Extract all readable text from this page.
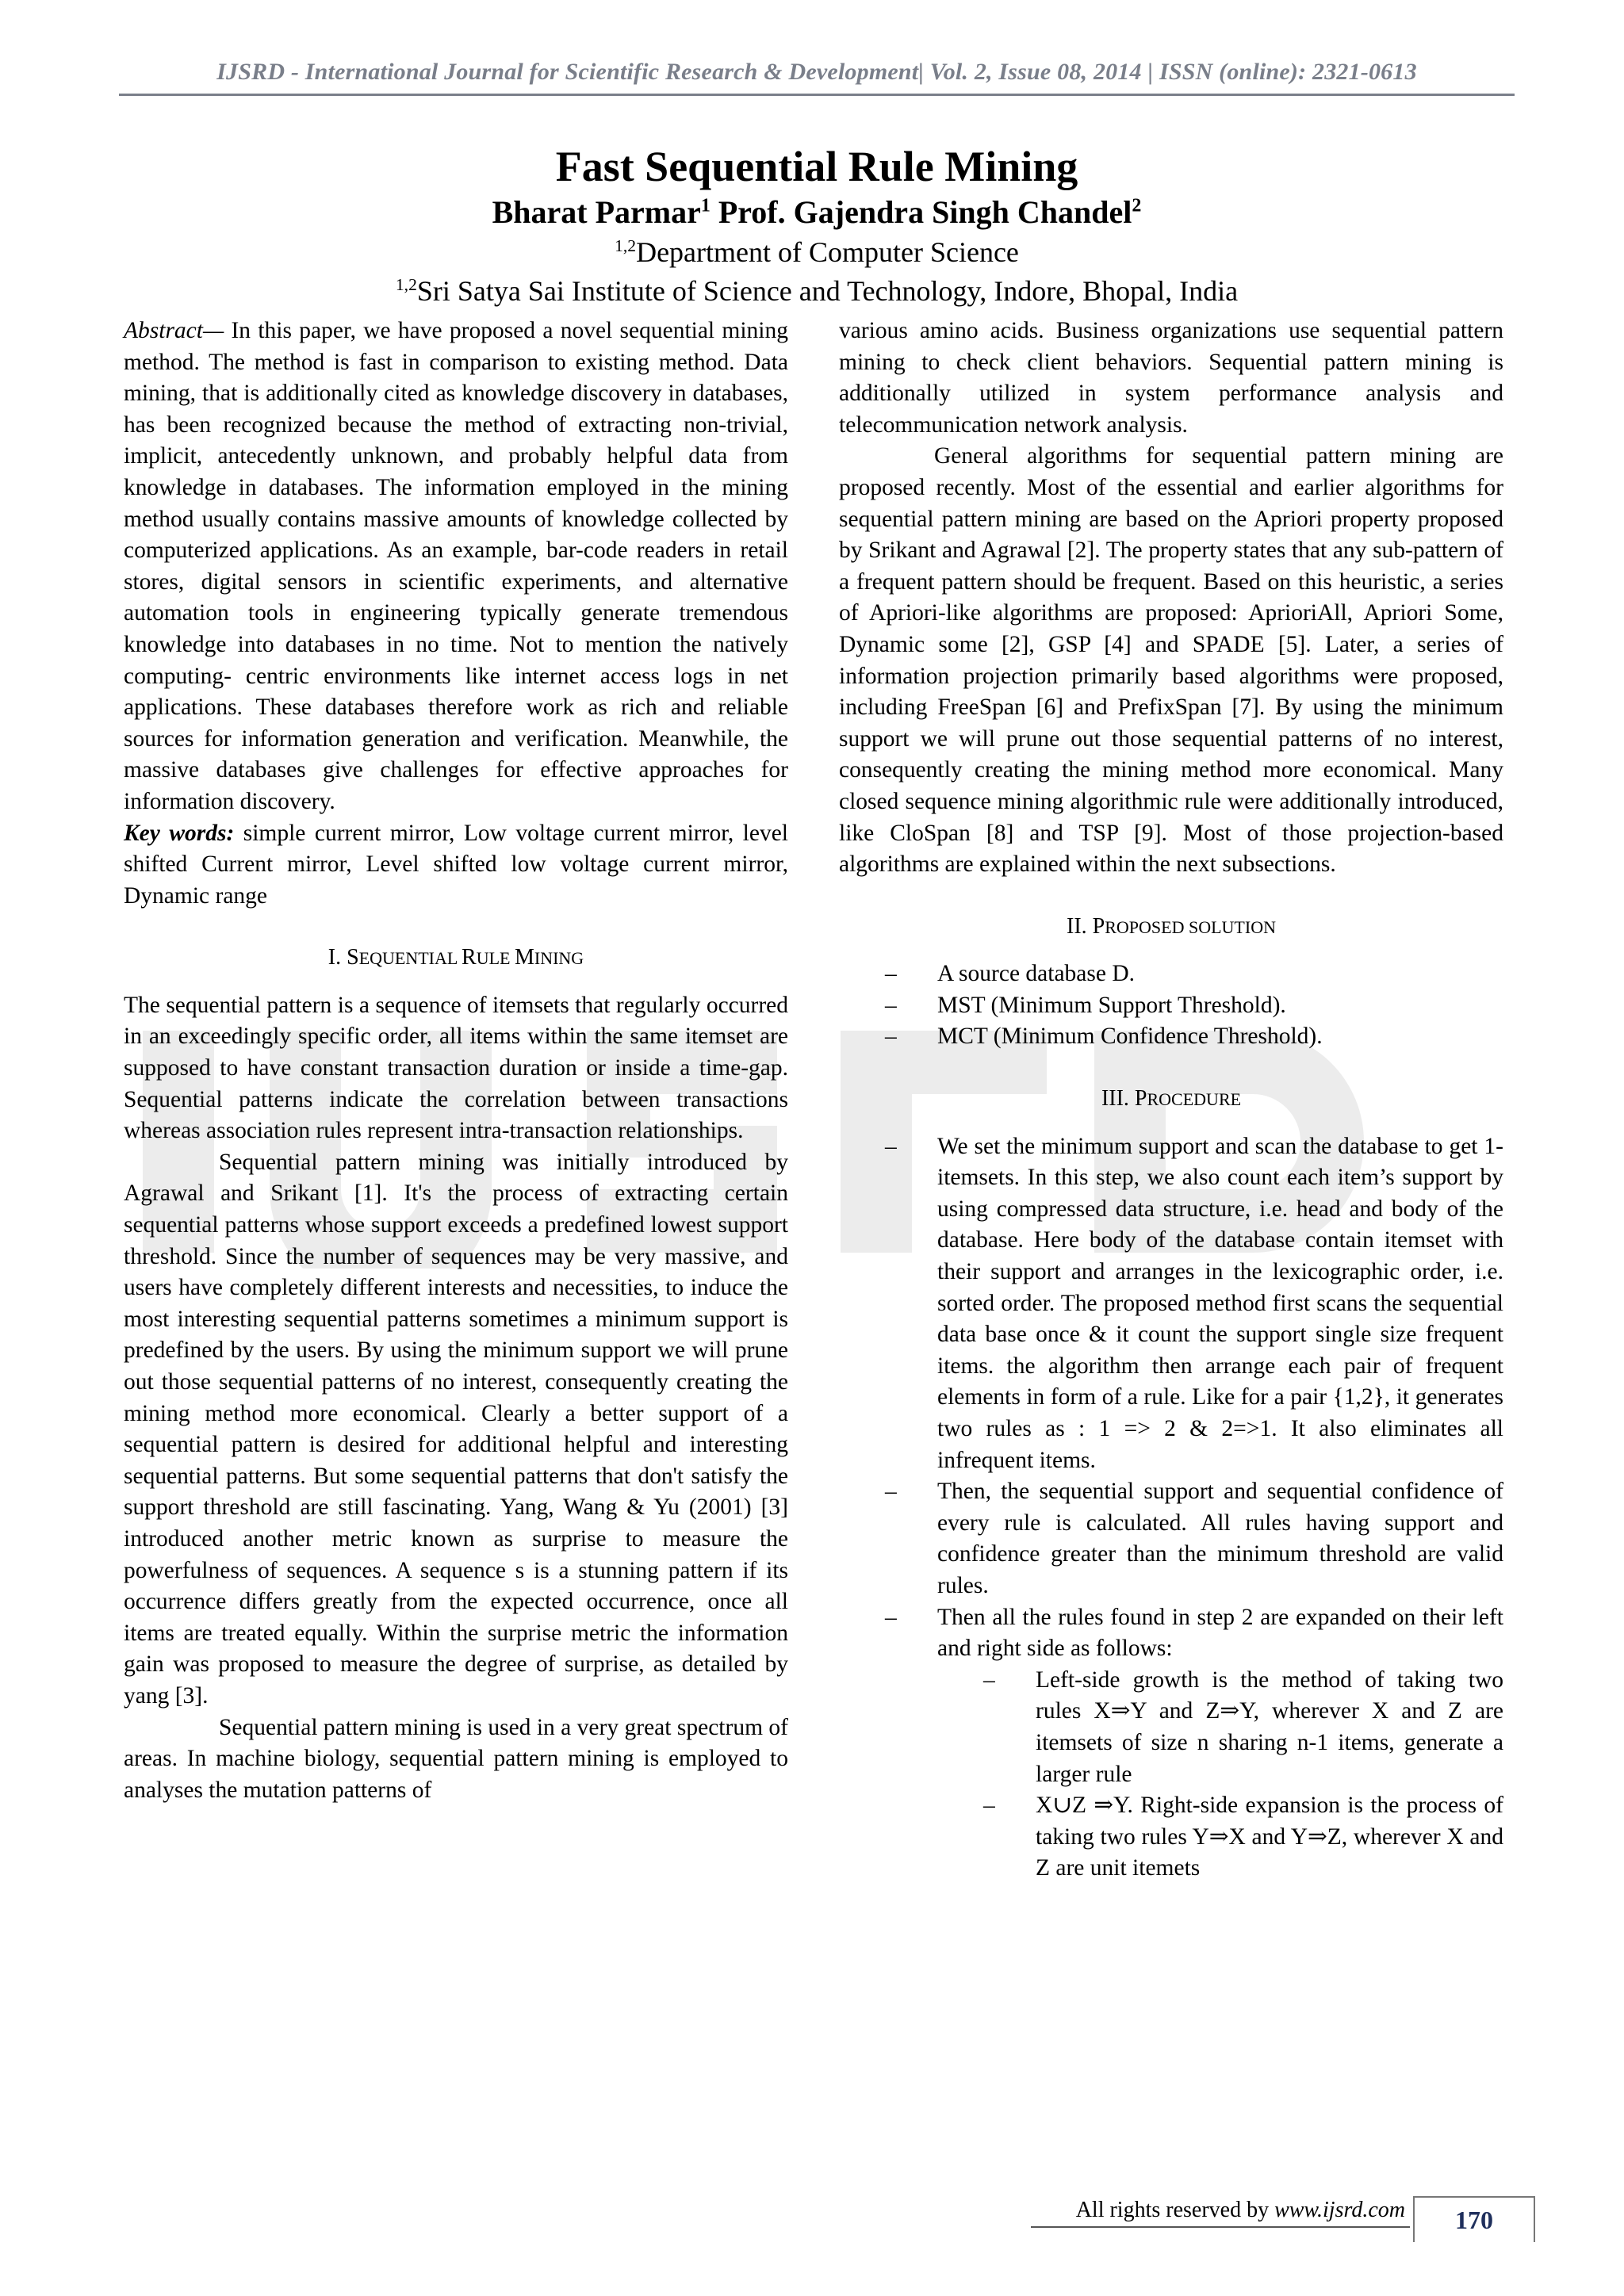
IJSRD - International Journal for Scientific Research & Development| Vol. 2, Issue 08, 2014 | ISSN (online): 2321-0613
Fast Sequential Rule Mining
Bharat Parmar$^1$ Prof. Gajendra Singh Chandel$^2$
$^{1,2}$Department of Computer Science
$^{1,2}$Sri Satya Sai Institute of Science and Technology, Indore, Bhopal, India

Abstract— In this paper, we have proposed a novel sequential mining method. The method is fast in comparison to existing method. Data mining, that is additionally cited as knowledge discovery in databases, has been recognized because the method of extracting non-trivial, implicit, antecedently unknown, and probably helpful data from knowledge in databases. The information employed in the mining method usually contains massive amounts of knowledge collected by computerized applications. As an example, bar-code readers in retail stores, digital sensors in scientific experiments, and alternative automation tools in engineering typically generate tremendous knowledge into databases in no time. Not to mention the natively computing- centric environments like internet access logs in net applications. These databases therefore work as rich and reliable sources for information generation and verification. Meanwhile, the massive databases give challenges for effective approaches for information discovery.

Key words: simple current mirror, Low voltage current mirror, level shifted Current mirror, Level shifted low voltage current mirror, Dynamic range

I. SEQUENTIAL RULE MINING

The sequential pattern is a sequence of itemsets that regularly occurred in an exceedingly specific order, all items within the same itemset are supposed to have constant transaction duration or inside a time-gap. Sequential patterns indicate the correlation between transactions whereas association rules represent intra-transaction relationships.

Sequential pattern mining was initially introduced by Agrawal and Srikant [1]. It's the process of extracting certain sequential patterns whose support exceeds a predefined lowest support threshold. Since the number of sequences may be very massive, and users have completely different interests and necessities, to induce the most interesting sequential patterns sometimes a minimum support is predefined by the users. By using the minimum support we will prune out those sequential patterns of no interest, consequently creating the mining method more economical. Clearly a better support of a sequential pattern is desired for additional helpful and interesting sequential patterns. But some sequential patterns that don't satisfy the support threshold are still fascinating. Yang, Wang & Yu (2001) [3] introduced another metric known as surprise to measure the powerfulness of sequences. A sequence s is a stunning pattern if its occurrence differs greatly from the expected occurrence, once all items are treated equally. Within the surprise metric the information gain was proposed to measure the degree of surprise, as detailed by yang [3].

Sequential pattern mining is used in a very great spectrum of areas. In machine biology, sequential pattern mining is employed to analyses the mutation patterns of

various amino acids. Business organizations use sequential pattern mining to check client behaviors. Sequential pattern mining is additionally utilized in system performance analysis and telecommunication network analysis.

General algorithms for sequential pattern mining are proposed recently. Most of the essential and earlier algorithms for sequential pattern mining are based on the Apriori property proposed by Srikant and Agrawal [2]. The property states that any sub-pattern of a frequent pattern should be frequent. Based on this heuristic, a series of Apriori-like algorithms are proposed: AprioriAll, Apriori Some, Dynamic some [2], GSP [4] and SPADE [5]. Later, a series of information projection primarily based algorithms were proposed, including FreeSpan [6] and PrefixSpan [7]. By using the minimum support we will prune out those sequential patterns of no interest, consequently creating the mining method more economical. Many closed sequence mining algorithmic rule were additionally introduced, like CloSpan [8] and TSP [9]. Most of those projection-based algorithms are explained within the next subsections.

II. PROPOSED SOLUTION
– A source database D.
– MST (Minimum Support Threshold).
– MCT (Minimum Confidence Threshold).
III. PROCEDURE
– We set the minimum support and scan the database to get 1-itemsets. In this step, we also count each item’s support by using compressed data structure, i.e. head and body of the database. Here body of the database contain itemset with their support and arranges in the lexicographic order, i.e. sorted order. The proposed method first scans the sequential data base once & it count the support single size frequent items. the algorithm then arrange each pair of frequent elements in form of a rule. Like for a pair {1,2}, it generates two rules as : 1 => 2 & 2=>1. It also eliminates all infrequent items.
– Then, the sequential support and sequential confidence of every rule is calculated. All rules having support and confidence greater than the minimum threshold are valid rules.
– Then all the rules found in step 2 are expanded on their left and right side as follows:
– Left-side growth is the method of taking two rules X⇒Y and Z⇒Y, wherever X and Z are itemsets of size n sharing n-1 items, generate a larger rule
– X∪Z ⇒Y. Right-side expansion is the process of taking two rules Y⇒X and Y⇒Z, wherever X and Z are unit itemets
All rights reserved by www.ijsrd.com	170
